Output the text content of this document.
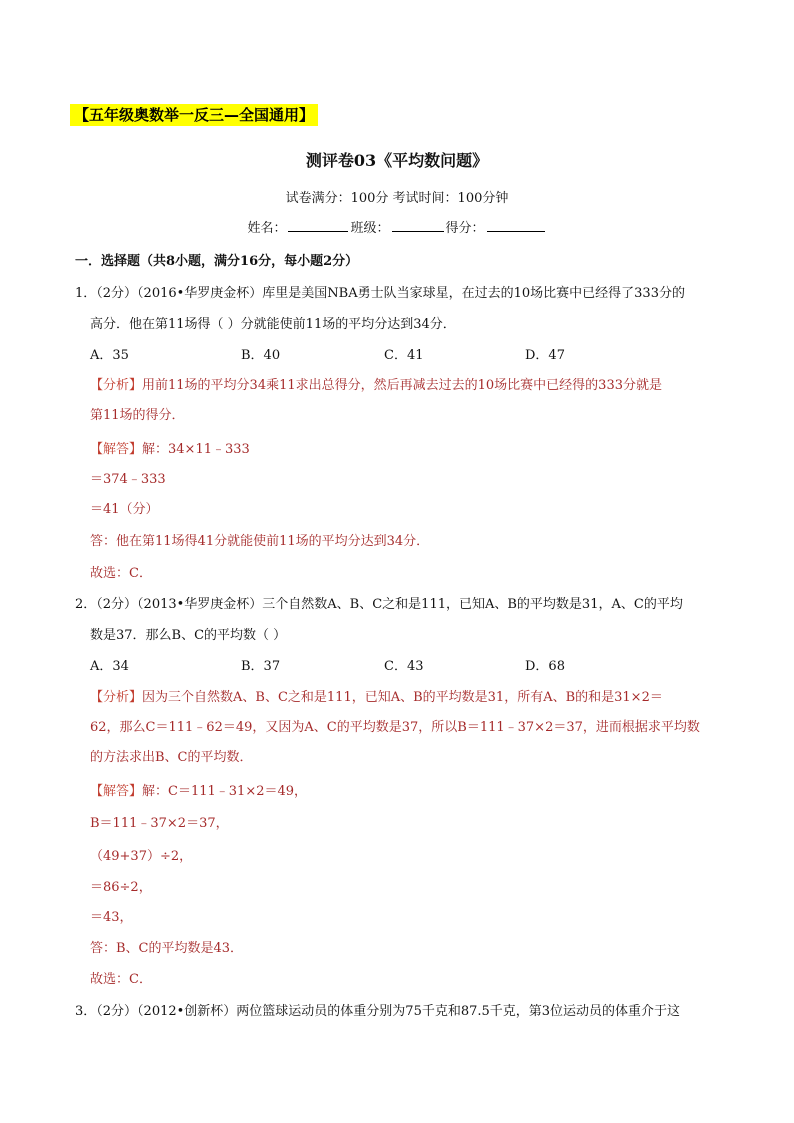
【五年级奥数举一反三—全国通用】
测评卷03《平均数问题》
试卷满分：100分 考试时间：100分钟
姓名：	班级：	得分：
一．选择题（共8小题，满分16分，每小题2分）
1．（2分）（2016•华罗庚金杯）库里是美国NBA勇士队当家球星，在过去的10场比赛中已经得了333分的
高分．他在第11场得（ ）分就能使前11场的平均分达到34分．
A．35	B．40	C．41	D．47
【分析】用前11场的平均分34乘11求出总得分，然后再减去过去的10场比赛中已经得的333分就是
第11场的得分．
【解答】解：34×11﹣333
＝374﹣333
＝41（分）
答：他在第11场得41分就能使前11场的平均分达到34分．
故选：C．
2．（2分）（2013•华罗庚金杯）三个自然数A、B、C之和是111，已知A、B的平均数是31，A、C的平均
数是37．那么B、C的平均数（ ）
A．34	B．37	C．43	D．68
【分析】因为三个自然数A、B、C之和是111，已知A、B的平均数是31，所有A、B的和是31×2＝
62，那么C＝111﹣62＝49，又因为A、C的平均数是37，所以B＝111﹣37×2＝37，进而根据求平均数
的方法求出B、C的平均数．
【解答】解：C＝111﹣31×2＝49，
B＝111﹣37×2＝37，
（49+37）÷2，
＝86÷2，
＝43，
答：B、C的平均数是43．
故选：C．
3．（2分）（2012•创新杯）两位篮球运动员的体重分别为75千克和87.5千克，第3位运动员的体重介于这
